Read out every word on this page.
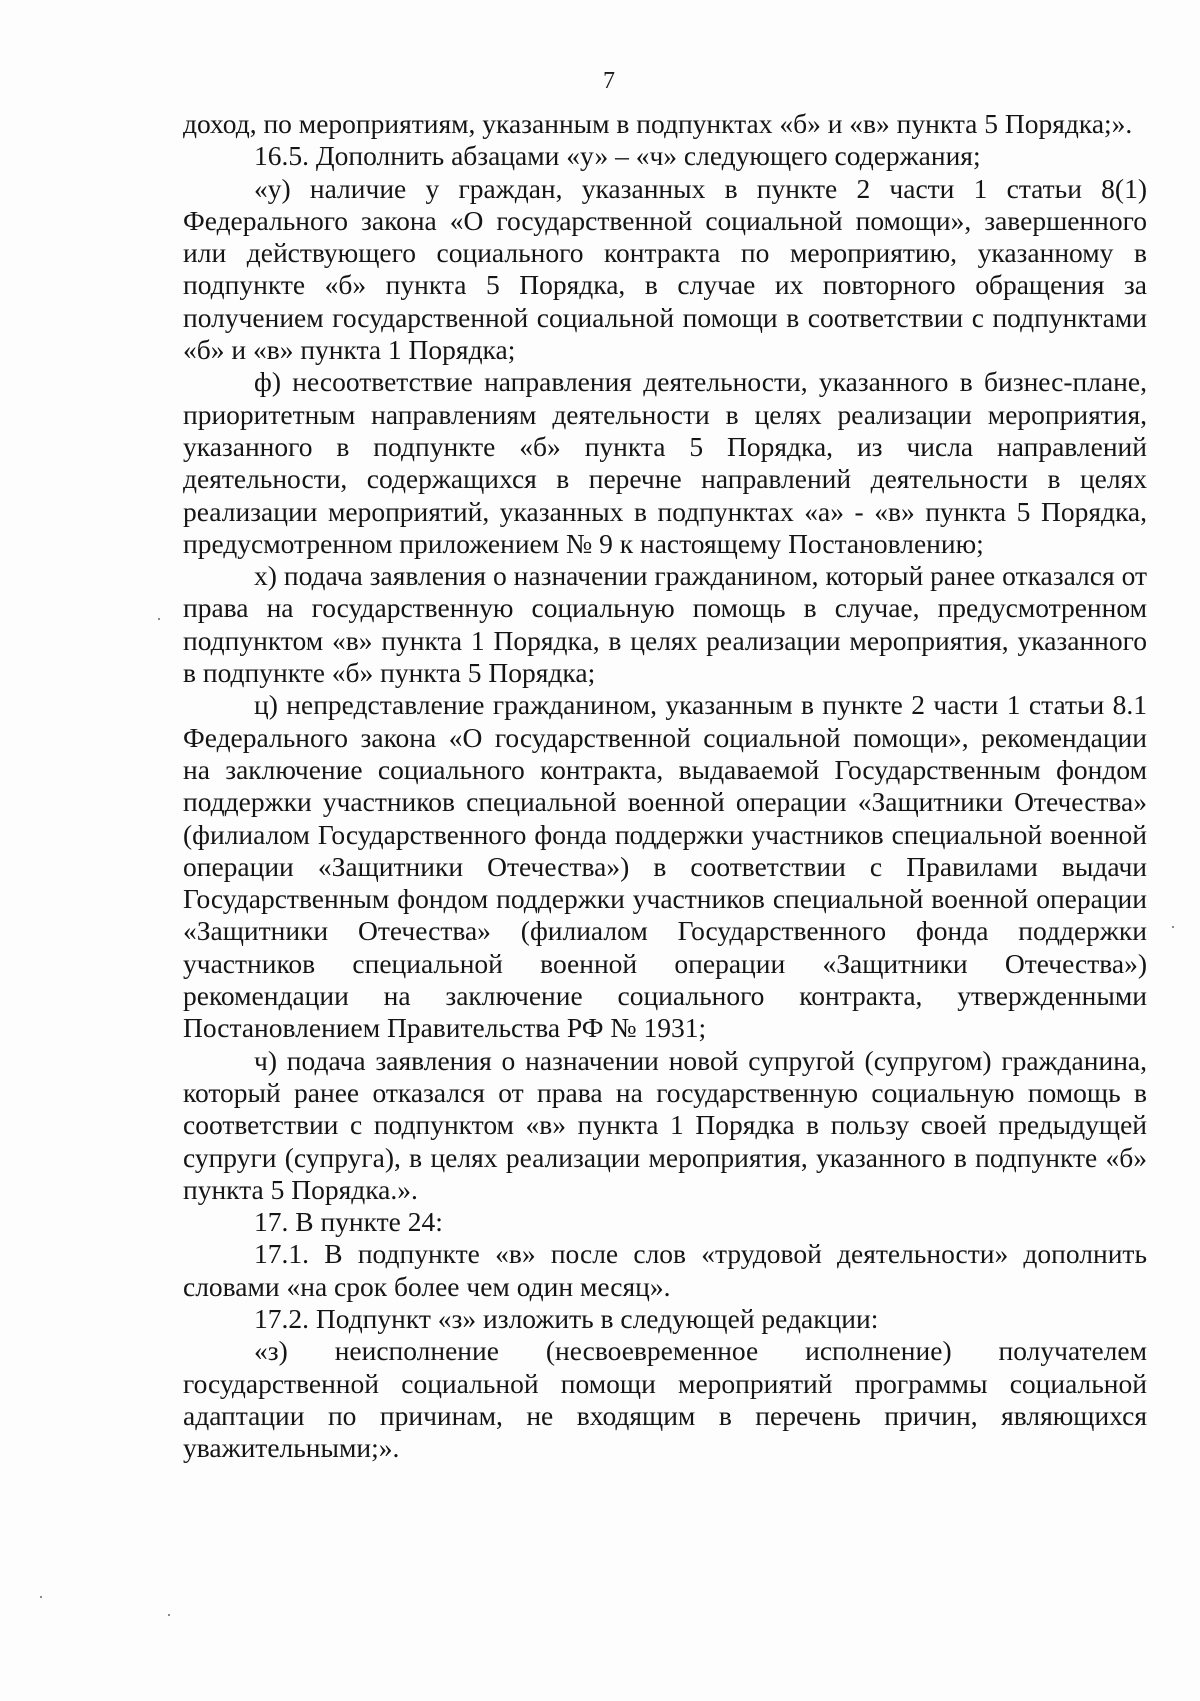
7

доход, по мероприятиям, указанным в подпунктах «б» и «в» пункта 5 Порядка;».

16.5. Дополнить абзацами «у» – «ч» следующего содержания;

«у) наличие у граждан, указанных в пункте 2 части 1 статьи 8(1) Федерального закона «О государственной социальной помощи», завершенного или действующего социального контракта по мероприятию, указанному в подпункте «б» пункта 5 Порядка, в случае их повторного обращения за получением государственной социальной помощи в соответствии с подпунктами «б» и «в» пункта 1 Порядка;

ф) несоответствие направления деятельности, указанного в бизнес-плане, приоритетным направлениям деятельности в целях реализации мероприятия, указанного в подпункте «б» пункта 5 Порядка, из числа направлений деятельности, содержащихся в перечне направлений деятельности в целях реализации мероприятий, указанных в подпунктах «а» - «в» пункта 5 Порядка, предусмотренном приложением № 9 к настоящему Постановлению;

х) подача заявления о назначении гражданином, который ранее отказался от права на государственную социальную помощь в случае, предусмотренном подпунктом «в» пункта 1 Порядка, в целях реализации мероприятия, указанного в подпункте «б» пункта 5 Порядка;

ц) непредставление гражданином, указанным в пункте 2 части 1 статьи 8.1 Федерального закона «О государственной социальной помощи», рекомендации на заключение социального контракта, выдаваемой Государственным фондом поддержки участников специальной военной операции «Защитники Отечества» (филиалом Государственного фонда поддержки участников специальной военной операции «Защитники Отечества») в соответствии с Правилами выдачи Государственным фондом поддержки участников специальной военной операции «Защитники Отечества» (филиалом Государственного фонда поддержки участников специальной военной операции «Защитники Отечества») рекомендации на заключение социального контракта, утвержденными Постановлением Правительства РФ № 1931;

ч) подача заявления о назначении новой супругой (супругом) гражданина, который ранее отказался от права на государственную социальную помощь в соответствии с подпунктом «в» пункта 1 Порядка в пользу своей предыдущей супруги (супруга), в целях реализации мероприятия, указанного в подпункте «б» пункта 5 Порядка.».

17. В пункте 24:

17.1. В подпункте «в» после слов «трудовой деятельности» дополнить словами «на срок более чем один месяц».

17.2. Подпункт «з» изложить в следующей редакции:

«з) неисполнение (несвоевременное исполнение) получателем государственной социальной помощи мероприятий программы социальной адаптации по причинам, не входящим в перечень причин, являющихся уважительными;».
